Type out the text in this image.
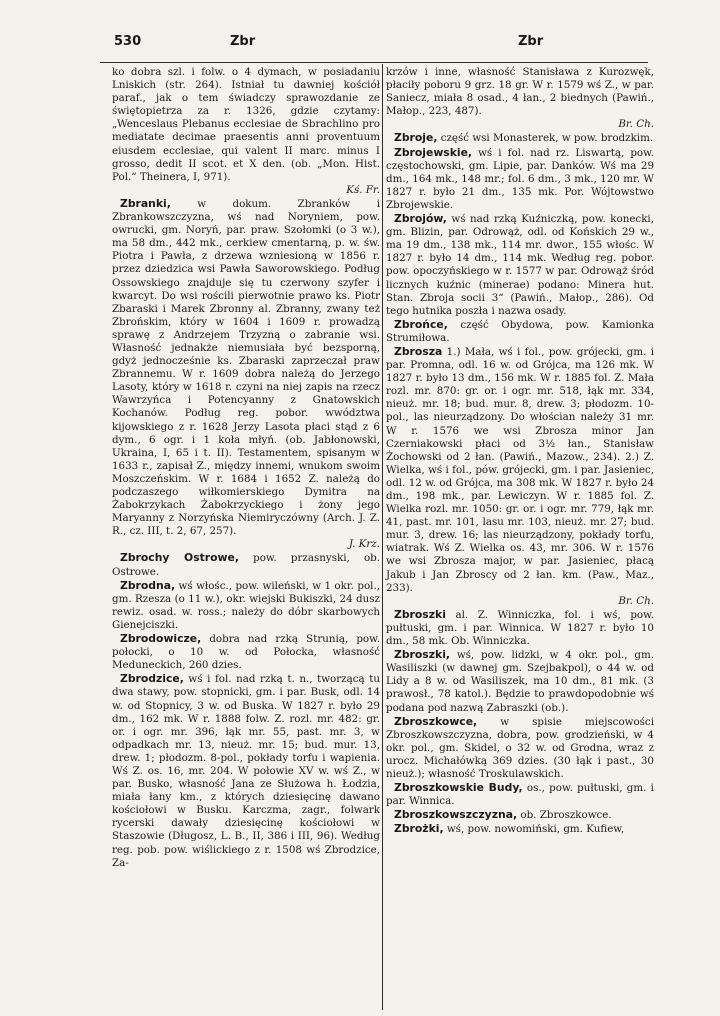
530	Zbr	Zbr

ko dobra szl. i folw. o 4 dymach, w posiadaniu Lniskich (str. 264). Istniał tu dawniej kościół paraf., jak o tem świadczy sprawozdanie ze świętopietrza za r. 1326, gdzie czytamy: „Wenceslaus Plebanus ecclesiae de Sbrachlino pro mediatate decimae praesentis anni proventuum eiusdem ecclesiae, qui valent II marc. minus I grosso, dedit II scot. et X den. (ob. „Mon. Hist. Pol.“ Theinera, I, 971).
Kś. Fr.

Zbranki,	w dokum. Zbranków i Zbrankowszczyzna, wś nad Noryniem, pow. owrucki, gm. Noryń, par. praw. Szołomki (o 3 w.), ma 58 dm., 442 mk., cerkiew cmentarną, p. w. św. Piotra i Pawła, z drzewa wzniesioną w 1856 r. przez dziedzica wsi Pawła Saworowskiego. Podług Ossowskiego znajduje się tu czerwony szyfer i kwarcyt. Do wsi rościli pierwotnie prawo ks. Piotr Zbaraski i Marek Zbronny al. Zbranny, zwany też Zbrońskim, który w 1604 i 1609 r. prowadzą sprawę z Andrzejem Trzyzną o zabranie wsi. Własność jednakże niemusiała być bezsporną, gdyż jednocześnie ks. Zbaraski zaprzeczał praw Zbrannemu. W r. 1609 dobra należą do Jerzego Lasoty, który w 1618 r. czyni na niej zapis na rzecz Wawrzyńca i Potencyanny z Gnatowskich Kochanów. Podług reg. pobor. wwództwa kijowskiego z r. 1628 Jerzy Lasota płaci stąd z 6 dym., 6 ogr. i 1 koła młyń. (ob. Jabłonowski, Ukraina, I, 65 i t. II). Testamentem, spisanym w 1633 r., zapisał Z., między innemi, wnukom swoim Moszczeńskim. W r. 1684 i 1652 Z. należą do podczaszego wiłkomierskiego Dymitra na Żabokrzykach Żabokrzyckiego i żony jego Maryanny z Norzyńska Niemiryczówny (Arch. J. Z. R., cz. III, t. 2, 67, 257).
J. Krz.

Zbrochy Ostrowe, pow. przasnyski, ob. Ostrowe.

Zbrodna, wś włośc., pow. wileński, w 1 okr. pol., gm. Rzesza (o 11 w.), okr. wiejski Bukiszki, 24 dusz rewiz. osad. w. ross.; należy do dóbr skarbowych Gienejciszki.

Zbrodowicze, dobra nad rzką Strunią, pow. połocki, o 10 w. od Połocka, własność Meduneckich, 260 dzies.

Zbrodzice, wś i fol. nad rzką t. n., tworzącą tu dwa stawy, pow. stopnicki, gm. i par. Busk, odl. 14 w. od Stopnicy, 3 w. od Buska. W 1827 r. było 29 dm., 162 mk. W r. 1888 folw. Z. rozl. mr. 482: gr. or. i ogr. mr. 396, łąk mr. 55, past. mr. 3, w odpadkach mr. 13, nieuż. mr. 15; bud. mur. 13, drew. 1; płodozm. 8-pol., pokłady torfu i wapienia. Wś Z. os. 16, mr. 204. W połowie XV w. wś Z., w par. Busko, własność Jana ze Służowa h. Łodzia, miała łany km., z których dziesięcinę dawano kościołowi w Busku. Karczma, zagr., folwark rycerski dawały dziesięcinę kościołowi w Staszowie (Długosz, L. B., II, 386 i III, 96). Według reg. pob. pow. wiślickiego z r. 1508 wś Zbrodzice, Za-

krzów i inne, własność Stanisława z Kurozwęk, płaciły poboru 9 grz. 18 gr. W r. 1579 wś Z., w par. Saniecz, miała 8 osad., 4 łan., 2 biednych (Pawiń., Małop., 223, 487).
Br. Ch.

Zbroje, część wsi Monasterek, w pow. brodzkim.

Zbrojewskie, wś i fol. nad rz. Liswartą, pow. częstochowski, gm. Lipie, par. Danków. Wś ma 29 dm., 164 mk., 148 mr.; fol. 6 dm., 3 mk., 120 mr. W 1827 r. było 21 dm., 135 mk. Por. Wójtowstwo Zbrojewskie.

Zbrojów, wś nad rzką Kuźniczką, pow. konecki, gm. Blizin, par. Odrowąż, odl. od Końskich 29 w., ma 19 dm., 138 mk., 114 mr. dwor., 155 włośc. W 1827 r. było 14 dm., 114 mk. Według reg. pobor. pow. opoczyńskiego w r. 1577 w par. Odrowąż śród licznych kuźnic (minerae) podano: Minera hut. Stan. Zbroja socii 3“ (Pawiń., Małop., 286). Od tego hutnika poszła i nazwa osady.

Zbrońce, część Obydowa, pow. Kamionka Strumiłowa.

Zbrosza 1.) Mała, wś i fol., pow. grójecki, gm. i par. Promna, odl. 16 w. od Grójca, ma 126 mk. W 1827 r. było 13 dm., 156 mk. W r. 1885 fol. Z. Mała rozl. mr. 870: gr. or. i ogr. mr. 518, łąk mr. 334, nieuż. mr. 18; bud. mur. 8, drew. 3; płodozm. 10-pol., las nieurządzony. Do włościan należy 31 mr. W r. 1576 we wsi Zbrosza minor Jan Czerniakowski płaci od 3½ łan., Stanisław Żochowski od 2 łan. (Pawiń., Mazow., 234). 2.) Z. Wielka, wś i fol., pów. grójecki, gm. i par. Jasieniec, odl. 12 w. od Grójca, ma 308 mk. W 1827 r. było 24 dm., 198 mk., par. Lewiczyn. W r. 1885 fol. Z. Wielka rozl. mr. 1050: gr. or. i ogr. mr. 779, łąk mr. 41, past. mr. 101, lasu mr. 103, nieuż. mr. 27; bud. mur. 3, drew. 16; las nieurządzony, pokłady torfu, wiatrak. Wś Z. Wielka os. 43, mr. 306. W r. 1576 we wsi Zbrosza major, w par. Jasieniec, płacą Jakub i Jan Zbroscy od 2 łan. km. (Paw., Maz., 233).
Br. Ch.

Zbroszki al. Z. Winniczka, fol. i wś, pow. pułtuski, gm. i par. Winnica. W 1827 r. było 10 dm., 58 mk. Ob. Winniczka.

Zbroszki, wś, pow. lidzki, w 4 okr. pol., gm. Wasiliszki (w dawnej gm. Szejbakpol), o 44 w. od Lidy a 8 w. od Wasiliszek, ma 10 dm., 81 mk. (3 prawosł., 78 katol.). Będzie to prawdopodobnie wś podana pod nazwą Zabraszki (ob.).

Zbroszkowce, w spisie miejscowości Zbroszkowszczyzna, dobra, pow. grodzieński, w 4 okr. pol., gm. Skidel, o 32 w. od Grodna, wraz z urocz. Michałówką 369 dzies. (30 łąk i past., 30 nieuż.); własność Troskulawskich.

Zbroszkowskie Budy, os., pow. pułtuski, gm. i par. Winnica.

Zbroszkowszczyzna, ob. Zbroszkowce.

Zbrożki, wś, pow. nowomiński, gm. Kufiew,
